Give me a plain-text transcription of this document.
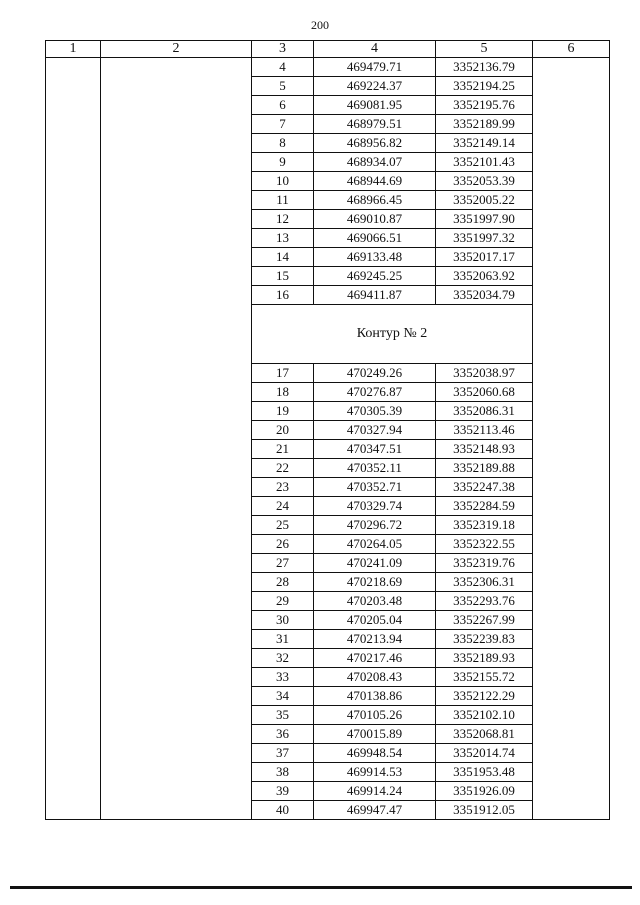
200
1	2	3	4	5	6
		4	469479.71	3352136.79	
		5	469224.37	3352194.25	
		6	469081.95	3352195.76	
		7	468979.51	3352189.99	
		8	468956.82	3352149.14	
		9	468934.07	3352101.43	
		10	468944.69	3352053.39	
		11	468966.45	3352005.22	
		12	469010.87	3351997.90	
		13	469066.51	3351997.32	
		14	469133.48	3352017.17	
		15	469245.25	3352063.92	
		16	469411.87	3352034.79	
		Контур № 2			
		17	470249.26	3352038.97	
		18	470276.87	3352060.68	
		19	470305.39	3352086.31	
		20	470327.94	3352113.46	
		21	470347.51	3352148.93	
		22	470352.11	3352189.88	
		23	470352.71	3352247.38	
		24	470329.74	3352284.59	
		25	470296.72	3352319.18	
		26	470264.05	3352322.55	
		27	470241.09	3352319.76	
		28	470218.69	3352306.31	
		29	470203.48	3352293.76	
		30	470205.04	3352267.99	
		31	470213.94	3352239.83	
		32	470217.46	3352189.93	
		33	470208.43	3352155.72	
		34	470138.86	3352122.29	
		35	470105.26	3352102.10	
		36	470015.89	3352068.81	
		37	469948.54	3352014.74	
		38	469914.53	3351953.48	
		39	469914.24	3351926.09	
		40	469947.47	3351912.05	
